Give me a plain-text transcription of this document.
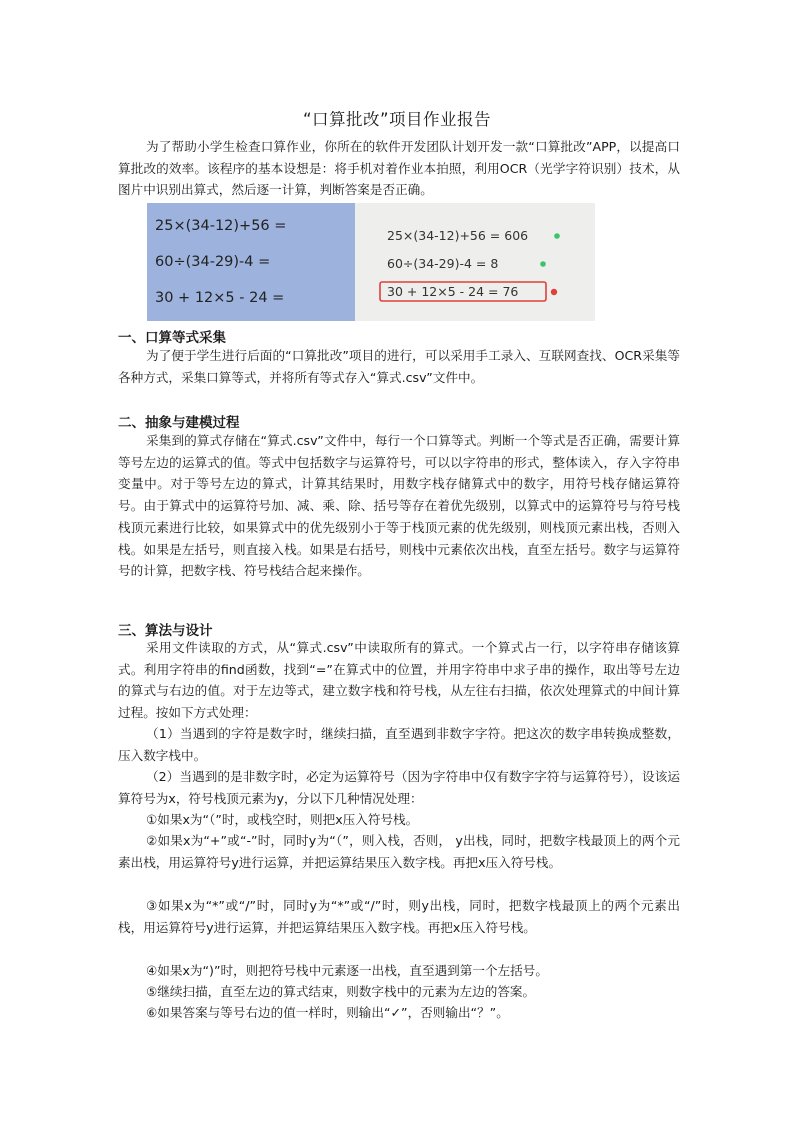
“口算批改”项目作业报告

为了帮助小学生检查口算作业，你所在的软件开发团队计划开发一款“口算批改”APP，以提高口算批改的效率。该程序的基本设想是：将手机对着作业本拍照，利用OCR（光学字符识别）技术，从图片中识别出算式，然后逐一计算，判断答案是否正确。

25×(34-12)+56 =
60÷(34-29)-4 =
30 + 12×5 - 24 =
25×(34-12)+56 = 606
60÷(34-29)-4 = 8
30 + 12×5 - 24 = 76

一、口算等式采集

为了便于学生进行后面的“口算批改”项目的进行，可以采用手工录入、互联网查找、OCR采集等各种方式，采集口算等式，并将所有等式存入“算式.csv”文件中。

二、抽象与建模过程

采集到的算式存储在“算式.csv”文件中，每行一个口算等式。判断一个等式是否正确，需要计算等号左边的运算式的值。等式中包括数字与运算符号，可以以字符串的形式，整体读入，存入字符串变量中。对于等号左边的算式，计算其结果时，用数字栈存储算式中的数字，用符号栈存储运算符号。由于算式中的运算符号加、减、乘、除、括号等存在着优先级别，以算式中的运算符号与符号栈栈顶元素进行比较，如果算式中的优先级别小于等于栈顶元素的优先级别，则栈顶元素出栈，否则入栈。如果是左括号，则直接入栈。如果是右括号，则栈中元素依次出栈，直至左括号。数字与运算符号的计算，把数字栈、符号栈结合起来操作。

三、算法与设计

采用文件读取的方式，从“算式.csv”中读取所有的算式。一个算式占一行，以字符串存储该算式。利用字符串的find函数，找到“=”在算式中的位置，并用字符串中求子串的操作，取出等号左边的算式与右边的值。对于左边等式，建立数字栈和符号栈，从左往右扫描，依次处理算式的中间计算过程。按如下方式处理：

（1）当遇到的字符是数字时，继续扫描，直至遇到非数字字符。把这次的数字串转换成整数，压入数字栈中。

（2）当遇到的是非数字时，必定为运算符号（因为字符串中仅有数字字符与运算符号），设该运算符号为x，符号栈顶元素为y，分以下几种情况处理：

①如果x为“（”时，或栈空时，则把x压入符号栈。

②如果x为“+”或“-”时，同时y为“（”，则入栈，否则， y出栈，同时，把数字栈最顶上的两个元素出栈，用运算符号y进行运算，并把运算结果压入数字栈。再把x压入符号栈。

③如果x为“*”或“/”时，同时y为“*”或“/”时，则y出栈，同时，把数字栈最顶上的两个元素出栈，用运算符号y进行运算，并把运算结果压入数字栈。再把x压入符号栈。

④如果x为“)”时，则把符号栈中元素逐一出栈，直至遇到第一个左括号。

⑤继续扫描，直至左边的算式结束，则数字栈中的元素为左边的答案。

⑥如果答案与等号右边的值一样时，则输出“✓”，否则输出“？”。
